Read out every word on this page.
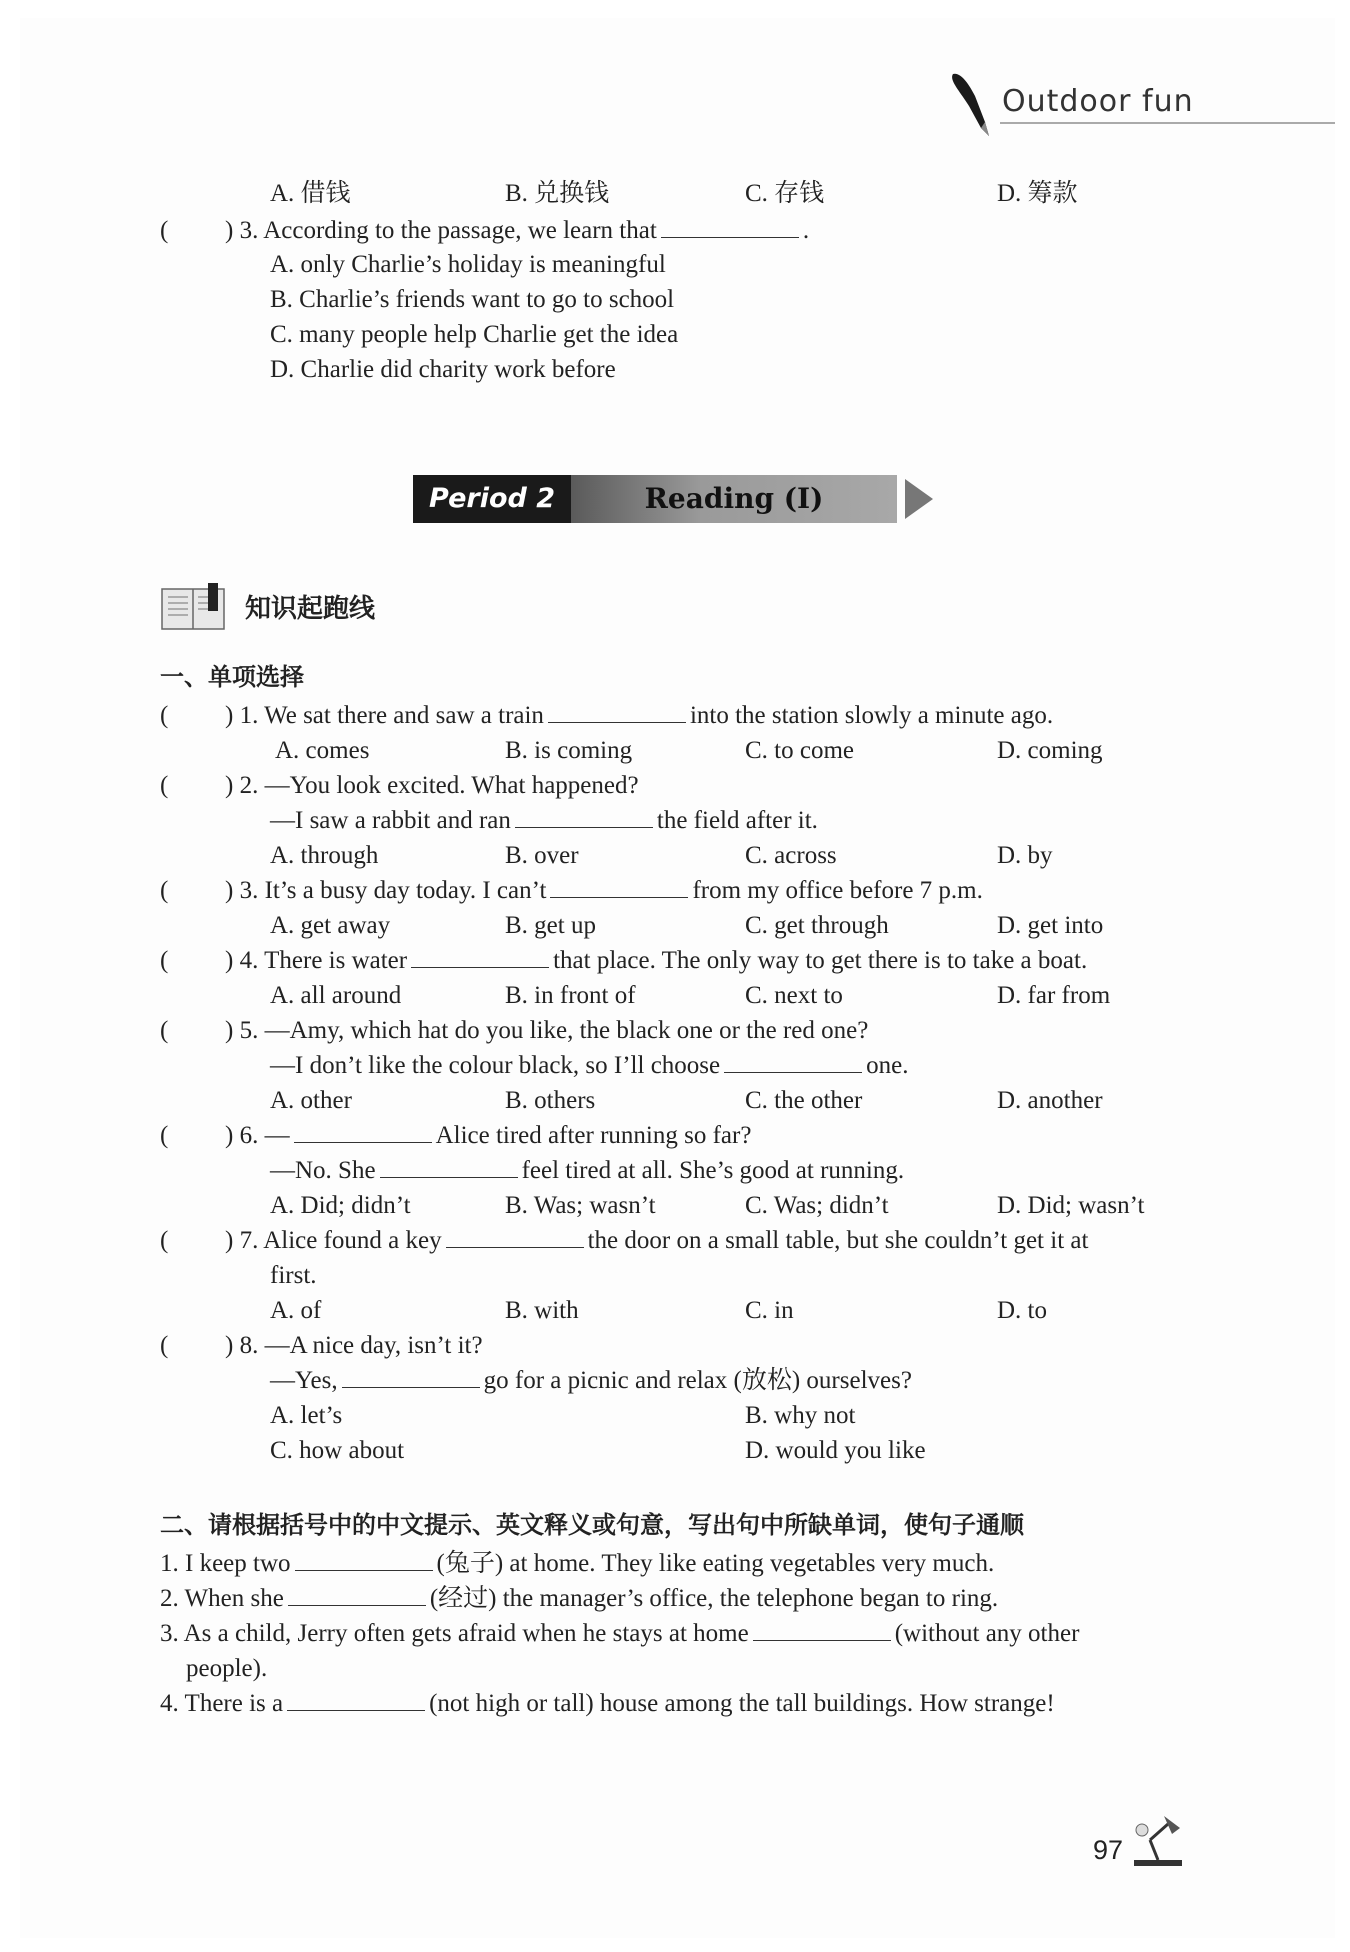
Outdoor fun
A. 借钱	B. 兑换钱	C. 存钱	D. 筹款
( ) 3. According to the passage, we learn that	.
A. only Charlie’s holiday is meaningful
B. Charlie’s friends want to go to school
C. many people help Charlie get the idea
D. Charlie did charity work before
Period 2	Reading (I)
知识起跑线
一、单项选择
( ) 1. We sat there and saw a train	into the station slowly a minute ago.
A. comes	B. is coming	C. to come	D. coming
( ) 2. —You look excited. What happened?
—I saw a rabbit and ran	the field after it.
A. through	B. over	C. across	D. by
( ) 3. It’s a busy day today. I can’t	from my office before 7 p.m.
A. get away	B. get up	C. get through	D. get into
( ) 4. There is water	that place. The only way to get there is to take a boat.
A. all around	B. in front of	C. next to	D. far from
( ) 5. —Amy, which hat do you like, the black one or the red one?
—I don’t like the colour black, so I’ll choose	one.
A. other	B. others	C. the other	D. another
( ) 6. —	Alice tired after running so far?
—No. She	feel tired at all. She’s good at running.
A. Did; didn’t	B. Was; wasn’t	C. Was; didn’t	D. Did; wasn’t
( ) 7. Alice found a key	the door on a small table, but she couldn’t get it at
first.
A. of	B. with	C. in	D. to
( ) 8. —A nice day, isn’t it?
—Yes,	go for a picnic and relax (放松) ourselves?
A. let’s	B. why not
C. how about	D. would you like
二、请根据括号中的中文提示、英文释义或句意，写出句中所缺单词，使句子通顺
1. I keep two	(兔子) at home. They like eating vegetables very much.
2. When she	(经过) the manager’s office, the telephone began to ring.
3. As a child, Jerry often gets afraid when he stays at home	(without any other
people).
4. There is a	(not high or tall) house among the tall buildings. How strange!
97
